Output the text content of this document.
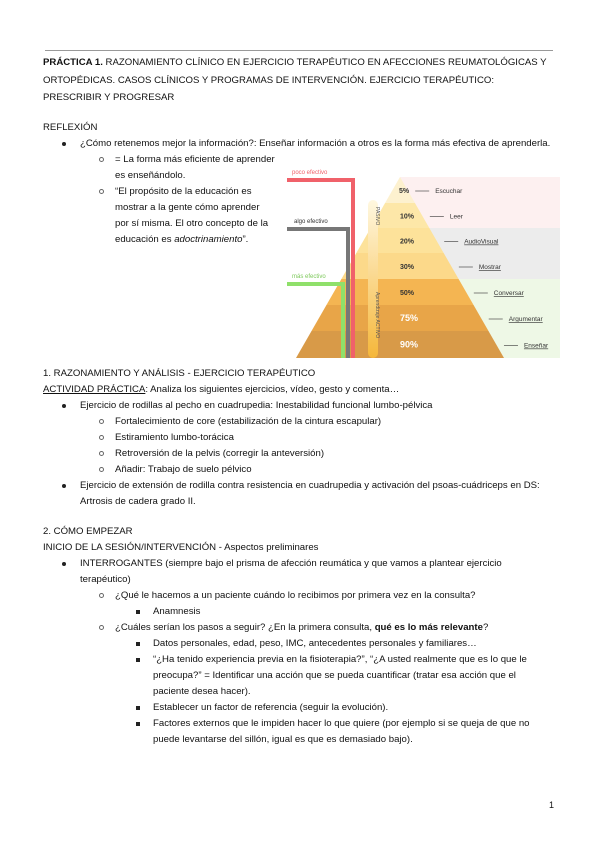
PRÁCTICA 1. RAZONAMIENTO CLÍNICO EN EJERCICIO TERAPÉUTICO EN AFECCIONES REUMATOLÓGICAS Y ORTOPÉDICAS. CASOS CLÍNICOS Y PROGRAMAS DE INTERVENCIÓN. EJERCICIO TERAPÉUTICO: PRESCRIBIR Y PROGRESAR
REFLEXIÓN
¿Cómo retenemos mejor la información?: Enseñar información a otros es la forma más efectiva de aprenderla.
= La forma más eficiente de aprender es enseñándolo.
“El propósito de la educación es mostrar a la gente cómo aprender por sí misma. El otro concepto de la educación es adoctrinamiento”.
poco efectivo
algo efectivo
más efectivo
PASIVO
Aprendizaje ACTIVO
5%	Escuchar
10%	Leer
20%	AudioVisual
30%	Mostrar
50%	Conversar
75%	Argumentar
90%	Enseñar
1. RAZONAMIENTO Y ANÁLISIS - EJERCICIO TERAPÉUTICO
ACTIVIDAD PRÁCTICA: Analiza los siguientes ejercicios, vídeo, gesto y comenta…
Ejercicio de rodillas al pecho en cuadrupedia: Inestabilidad funcional lumbo-pélvica
Fortalecimiento de core (estabilización de la cintura escapular)
Estiramiento lumbo-torácica
Retroversión de la pelvis (corregir la anteversión)
Añadir: Trabajo de suelo pélvico
Ejercicio de extensión de rodilla contra resistencia en cuadrupedia y activación del psoas-cuádriceps en DS: Artrosis de cadera grado II.
2. CÓMO EMPEZAR
INICIO DE LA SESIÓN/INTERVENCIÓN - Aspectos preliminares
INTERROGANTES (siempre bajo el prisma de afección reumática y que vamos a plantear ejercicio terapéutico)
¿Qué le hacemos a un paciente cuándo lo recibimos por primera vez en la consulta?
Anamnesis
¿Cuáles serían los pasos a seguir? ¿En la primera consulta, qué es lo más relevante?
Datos personales, edad, peso, IMC, antecedentes personales y familiares…
“¿Ha tenido experiencia previa en la fisioterapia?”, “¿A usted realmente que es lo que le preocupa?” = Identificar una acción que se pueda cuantificar (tratar esa acción que el paciente desea hacer).
Establecer un factor de referencia (seguir la evolución).
Factores externos que le impiden hacer lo que quiere (por ejemplo si se queja de que no puede levantarse del sillón, igual es que es demasiado bajo).
1
